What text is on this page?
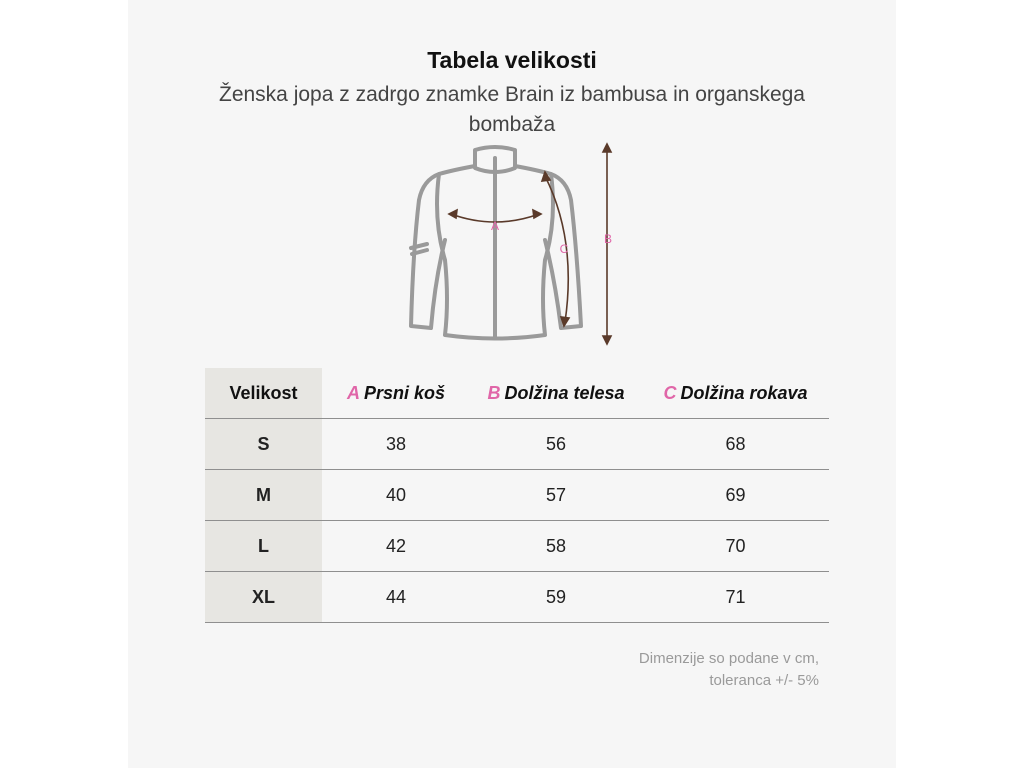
Tabela velikosti
Ženska jopa z zadrgo znamke Brain iz bambusa in organskega bombaža
A
C
B
Velikost	A Prsni koš	B Dolžina telesa	C Dolžina rokava
S	38	56	68
M	40	57	69
L	42	58	70
XL	44	59	71
Dimenzije so podane v cm,
toleranca +/- 5%
